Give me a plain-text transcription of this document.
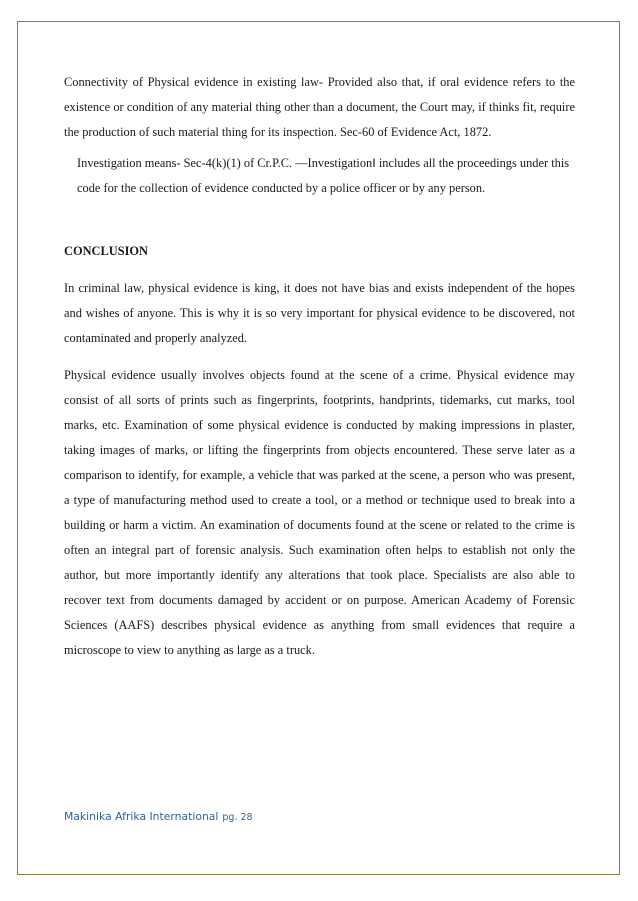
Connectivity of Physical evidence in existing law- Provided also that, if oral evidence refers to the existence or condition of any material thing other than a document, the Court may, if thinks fit, require the production of such material thing for its inspection. Sec-60 of Evidence Act, 1872.

Investigation means- Sec-4(k)(1) of Cr.P.C. ―Investigation‖ includes all the proceedings under this code for the collection of evidence conducted by a police officer or by any person.

CONCLUSION

In criminal law, physical evidence is king, it does not have bias and exists independent of the hopes and wishes of anyone. This is why it is so very important for physical evidence to be discovered, not contaminated and properly analyzed.

Physical evidence usually involves objects found at the scene of a crime. Physical evidence may consist of all sorts of prints such as fingerprints, footprints, handprints, tidemarks, cut marks, tool marks, etc. Examination of some physical evidence is conducted by making impressions in plaster, taking images of marks, or lifting the fingerprints from objects encountered. These serve later as a comparison to identify, for example, a vehicle that was parked at the scene, a person who was present, a type of manufacturing method used to create a tool, or a method or technique used to break into a building or harm a victim. An examination of documents found at the scene or related to the crime is often an integral part of forensic analysis. Such examination often helps to establish not only the author, but more importantly identify any alterations that took place. Specialists are also able to recover text from documents damaged by accident or on purpose. American Academy of Forensic Sciences (AAFS) describes physical evidence as anything from small evidences that require a microscope to view to anything as large as a truck.

Makinika Afrika International pg. 28
